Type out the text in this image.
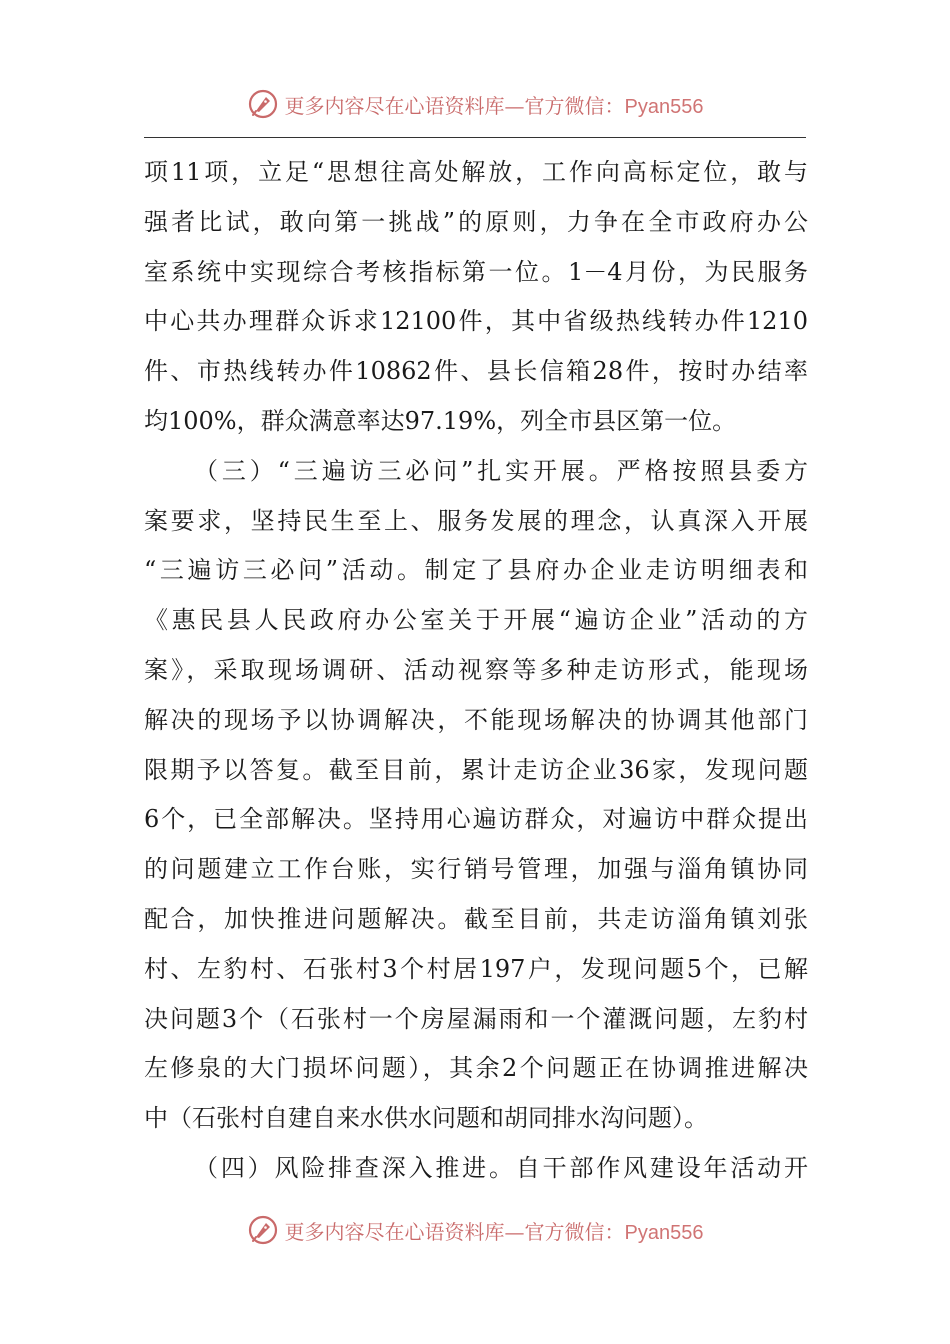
更多内容尽在心语资料库—官方微信：Pyan556
项11项，立足“思想往高处解放，工作向高标定位，敢与
强者比试，敢向第一挑战”的原则，力争在全市政府办公
室系统中实现综合考核指标第一位。1－4月份，为民服务
中心共办理群众诉求12100件，其中省级热线转办件1210
件、市热线转办件10862件、县长信箱28件，按时办结率
均100%，群众满意率达97.19%，列全市县区第一位。
（三）“三遍访三必问”扎实开展。严格按照县委方
案要求，坚持民生至上、服务发展的理念，认真深入开展
“三遍访三必问”活动。制定了县府办企业走访明细表和
《惠民县人民政府办公室关于开展“遍访企业”活动的方
案》，采取现场调研、活动视察等多种走访形式，能现场
解决的现场予以协调解决，不能现场解决的协调其他部门
限期予以答复。截至目前，累计走访企业36家，发现问题
6个，已全部解决。坚持用心遍访群众，对遍访中群众提出
的问题建立工作台账，实行销号管理，加强与淄角镇协同
配合，加快推进问题解决。截至目前，共走访淄角镇刘张
村、左豹村、石张村3个村居197户，发现问题5个，已解
决问题3个（石张村一个房屋漏雨和一个灌溉问题，左豹村
左修泉的大门损坏问题），其余2个问题正在协调推进解决
中（石张村自建自来水供水问题和胡同排水沟问题）。
（四）风险排查深入推进。自干部作风建设年活动开
更多内容尽在心语资料库—官方微信：Pyan556
